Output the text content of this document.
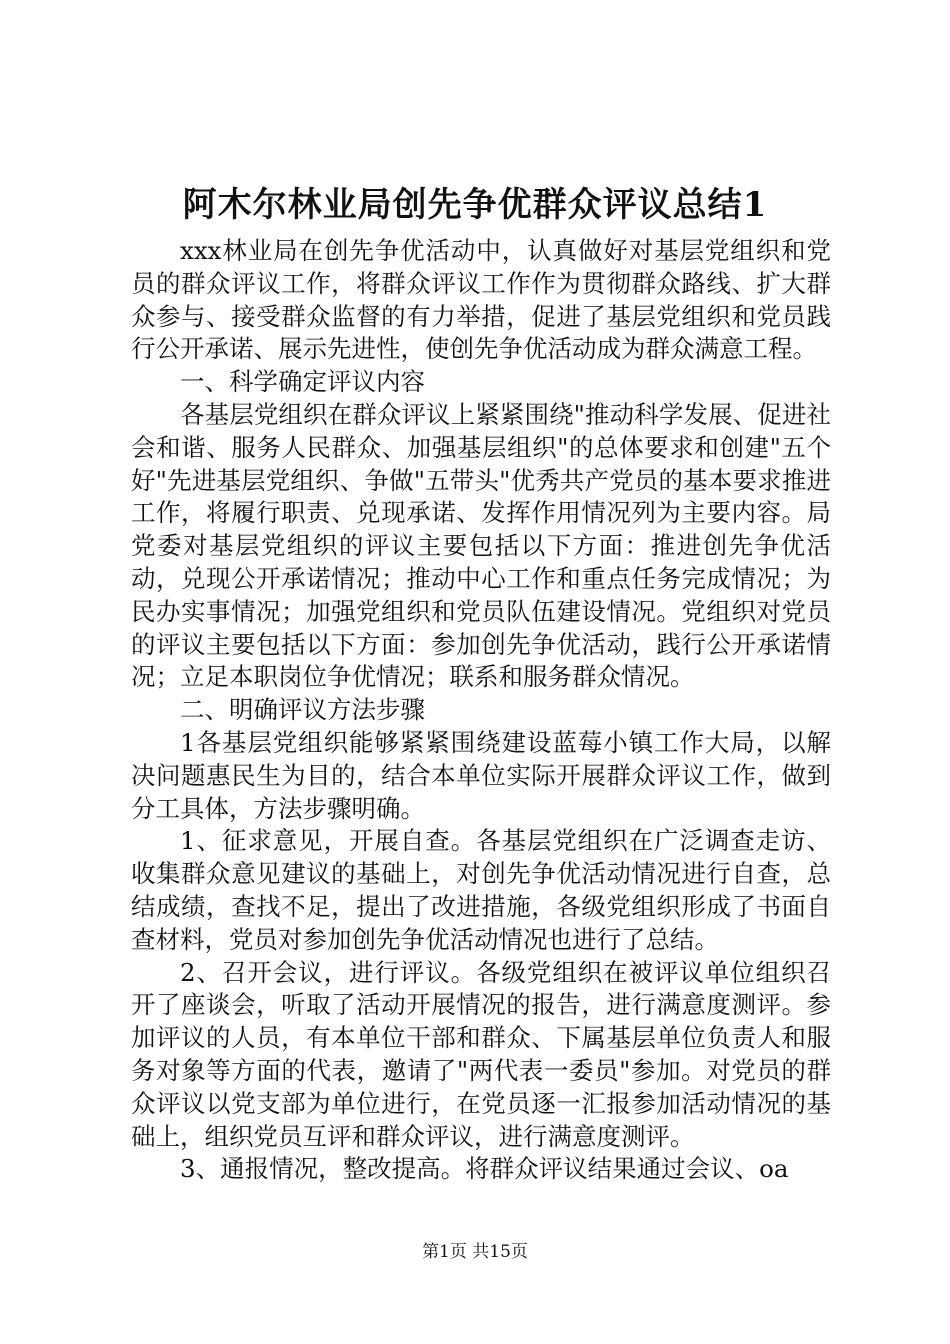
阿木尔林业局创先争优群众评议总结1

xxx林业局在创先争优活动中，认真做好对基层党组织和党员的群众评议工作，将群众评议工作作为贯彻群众路线、扩大群众参与、接受群众监督的有力举措，促进了基层党组织和党员践行公开承诺、展示先进性，使创先争优活动成为群众满意工程。

一、科学确定评议内容

各基层党组织在群众评议上紧紧围绕"推动科学发展、促进社会和谐、服务人民群众、加强基层组织"的总体要求和创建"五个好"先进基层党组织、争做"五带头"优秀共产党员的基本要求推进工作，将履行职责、兑现承诺、发挥作用情况列为主要内容。局党委对基层党组织的评议主要包括以下方面：推进创先争优活动，兑现公开承诺情况；推动中心工作和重点任务完成情况；为民办实事情况；加强党组织和党员队伍建设情况。党组织对党员的评议主要包括以下方面：参加创先争优活动，践行公开承诺情况；立足本职岗位争优情况；联系和服务群众情况。

二、明确评议方法步骤

1各基层党组织能够紧紧围绕建设蓝莓小镇工作大局，以解决问题惠民生为目的，结合本单位实际开展群众评议工作，做到分工具体，方法步骤明确。

1、征求意见，开展自查。各基层党组织在广泛调查走访、收集群众意见建议的基础上，对创先争优活动情况进行自查，总结成绩，查找不足，提出了改进措施，各级党组织形成了书面自查材料，党员对参加创先争优活动情况也进行了总结。

2、召开会议，进行评议。各级党组织在被评议单位组织召开了座谈会，听取了活动开展情况的报告，进行满意度测评。参加评议的人员，有本单位干部和群众、下属基层单位负责人和服务对象等方面的代表，邀请了"两代表一委员"参加。对党员的群众评议以党支部为单位进行，在党员逐一汇报参加活动情况的基础上，组织党员互评和群众评议，进行满意度测评。

3、通报情况，整改提高。将群众评议结果通过会议、oa

第1页 共15页
